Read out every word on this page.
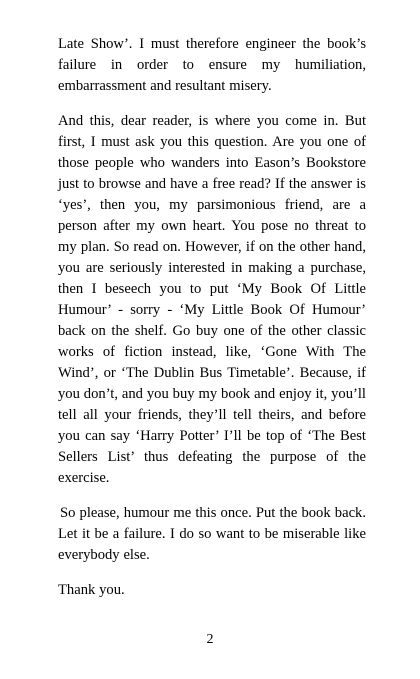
Late Show’. I must therefore engineer the book’s failure in order to ensure my humiliation, embarrassment and resultant misery.

And this, dear reader, is where you come in. But first, I must ask you this question. Are you one of those people who wanders into Eason’s Bookstore just to browse and have a free read? If the answer is ‘yes’, then you, my parsimonious friend, are a person after my own heart. You pose no threat to my plan. So read on. However, if on the other hand, you are seriously interested in making a purchase, then I beseech you to put ‘My Book Of Little Humour’ - sorry - ‘My Little Book Of Humour’ back on the shelf. Go buy one of the other classic works of fiction instead, like, ‘Gone With The Wind’, or ‘The Dublin Bus Timetable’. Because, if you don’t, and you buy my book and enjoy it, you’ll tell all your friends, they’ll tell theirs, and before you can say ‘Harry Potter’ I’ll be top of ‘The Best Sellers List’ thus defeating the purpose of the exercise.

So please, humour me this once. Put the book back. Let it be a failure. I do so want to be miserable like everybody else.

Thank you.

2
